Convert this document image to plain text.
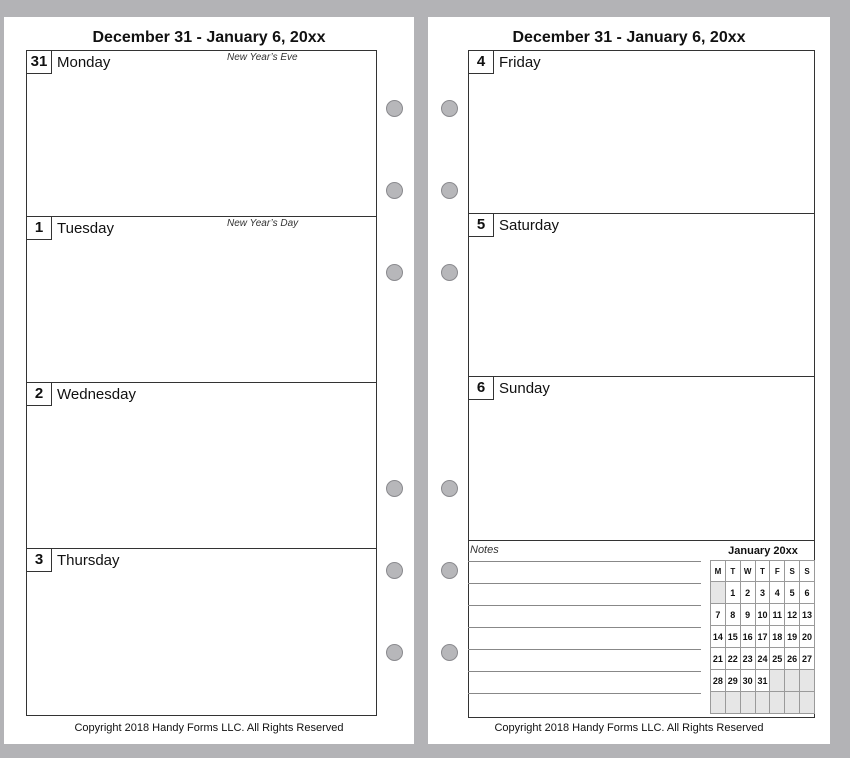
December 31 - January 6, 20xx
31 Monday	New Year’s Eve
1 Tuesday	New Year’s Day
2 Wednesday
3 Thursday
Copyright 2018 Handy Forms LLC. All Rights Reserved
December 31 - January 6, 20xx
4 Friday
5 Saturday
6 Sunday
Notes	January 20xx
M	T	W	T	F	S	S
	1	2	3	4	5	6
7	8	9	10	11	12	13
14	15	16	17	18	19	20
21	22	23	24	25	26	27
28	29	30	31			

Copyright 2018 Handy Forms LLC. All Rights Reserved
